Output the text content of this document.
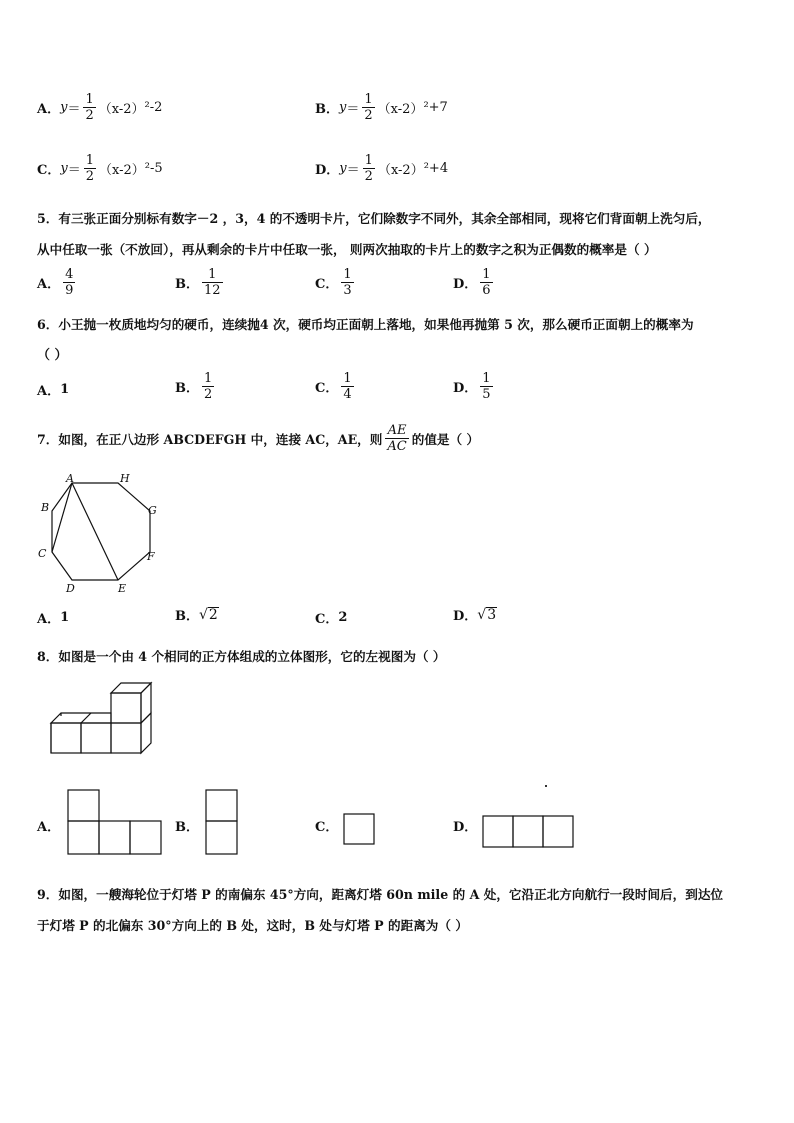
A． $y = \frac{1}{2} (x-2)$ ²-2	B． $y = \frac{1}{2} (x-2)$ ²+7
C． $y = \frac{1}{2} (x-2)$ ²-5	D． $y = \frac{1}{2} (x-2)$ ²+4
5．有三张正面分别标有数字－2 ，3，4 的不透明卡片，它们除数字不同外，其余全部相同，现将它们背面朝上洗匀后，
从中任取一张（不放回），再从剩余的卡片中任取一张， 则两次抽取的卡片上的数字之积为正偶数的概率是（ ）
A． $\frac{4}{9}$	B． $\frac{1}{12}$	C． $\frac{1}{3}$	D． $\frac{1}{6}$
6．小王抛一枚质地均匀的硬币，连续抛4 次，硬币均正面朝上落地，如果他再抛第 5 次，那么硬币正面朝上的概率为
（ ）
A． 1	B． $\frac{1}{2}$	C． $\frac{1}{4}$	D． $\frac{1}{5}$
7．如图，在正八边形 ABCDEFGH 中，连接 AC，AE，则 $\frac{AE}{AC}$ 的值是（ ）
A	H
B	G
C	F
D	E
A． 1	B． √ 2	C． 2	D． √ 3
8．如图是一个由 4 个相同的正方体组成的立体图形，它的左视图为（ ）
A．	B．	C．	D．
9．如图，一艘海轮位于灯塔 P 的南偏东 45°方向，距离灯塔 60n mile 的 A 处，它沿正北方向航行一段时间后，到达位
于灯塔 P 的北偏东 30°方向上的 B 处，这时，B 处与灯塔 P 的距离为（ ）
